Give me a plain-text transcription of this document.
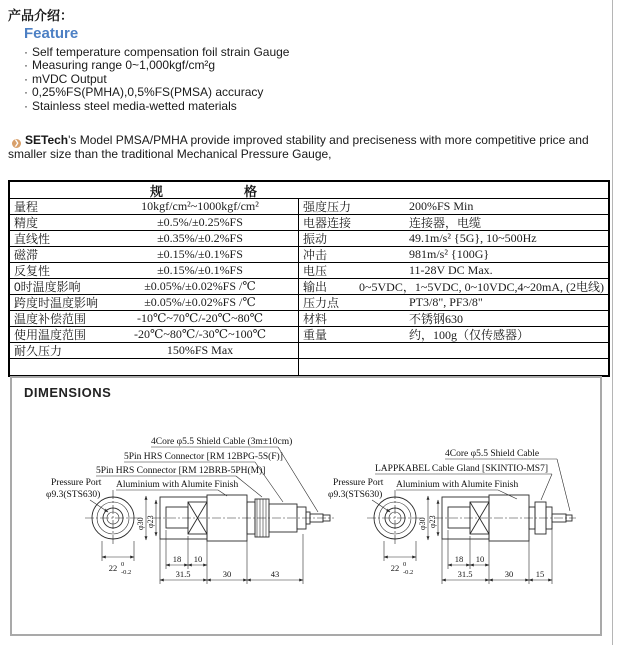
产品介绍：
Feature
· Self temperature compensation foil strain Gauge
· Measuring range 0~1,000kgf/cm²g
· mVDC Output
· 0,25%FS(PMHA),0,5%FS(PMSA) accuracy
· Stainless steel media-wetted materials
❯ SETech's Model PMSA/PMHA provide improved stability and preciseness with more competitive price and smaller size than the traditional Mechanical Pressure Gauge,
规	格
量程	10kgf/cm²~1000kgf/cm²	强度压力	200%FS Min
精度	±0.5%/±0.25%FS	电器连接	连接器，电缆
直线性	±0.35%/±0.2%FS	振动	49.1m/s² {5G}, 10~500Hz
磁滞	±0.15%/±0.1%FS	冲击	981m/s² {100G}
反复性	±0.15%/±0.1%FS	电压	11-28V DC Max.
0时温度影响	±0.05%/±0.02%FS /℃	输出	0~5VDC，1~5VDC, 0~10VDC,4~20mA, (2电线)
跨度时温度影响	±0.05%/±0.02%FS /℃	压力点	PT3/8", PF3/8"
温度补偿范围	-10℃~70℃/-20℃~80℃	材料	不锈钢630
使用温度范围	-20℃~80℃/-30℃~100℃	重量	约，100g（仅传感器）
耐久压力	150%FS Max
DIMENSIONS
22 0
-0.2
φ30 φ23
18 10
31.5	30	43
4Core φ5.5 Shield Cable (3m±10cm)
5Pin HRS Connector [RM 12BPG-5S(F)]
5Pin HRS Connector [RM 12BRB-5PH(M)]
Aluminium with Alumite Finish
Pressure Port
φ9.3(STS630)
22 0
-0.2
φ30 φ23
18 10
31.5	30	15
4Core φ5.5 Shield Cable
LAPPKABEL Cable Gland [SKINTIO-MS7]
Aluminium with Alumite Finish
Pressure Port
φ9.3(STS630)
